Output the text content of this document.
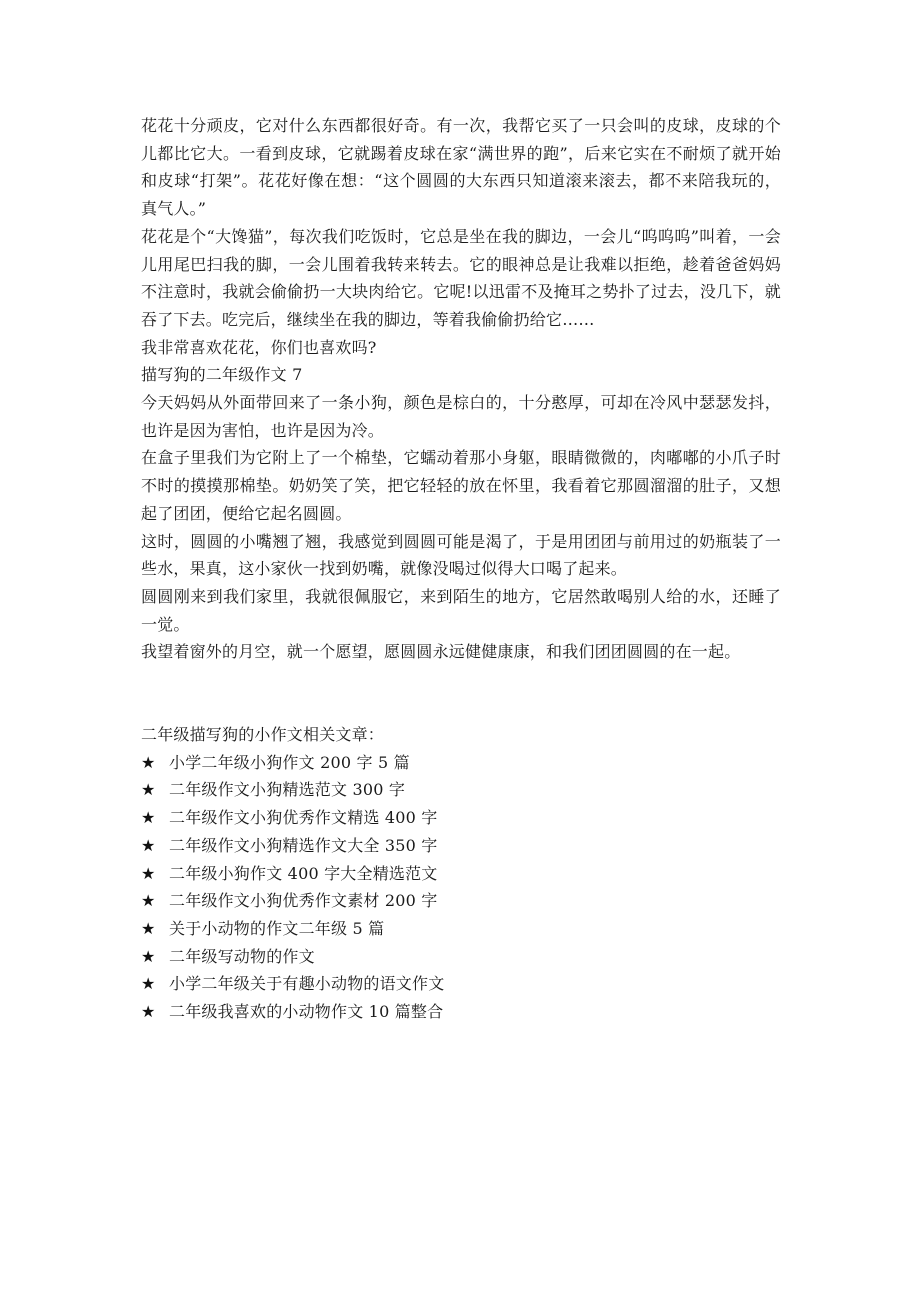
花花十分顽皮，它对什么东西都很好奇。有一次，我帮它买了一只会叫的皮球，皮球的个儿都比它大。一看到皮球，它就踢着皮球在家“满世界的跑”，后来它实在不耐烦了就开始和皮球“打架”。花花好像在想：“这个圆圆的大东西只知道滚来滚去，都不来陪我玩的，真气人。”

花花是个“大馋猫”，每次我们吃饭时，它总是坐在我的脚边，一会儿“呜呜呜”叫着，一会儿用尾巴扫我的脚，一会儿围着我转来转去。它的眼神总是让我难以拒绝，趁着爸爸妈妈不注意时，我就会偷偷扔一大块肉给它。它呢!以迅雷不及掩耳之势扑了过去，没几下，就吞了下去。吃完后，继续坐在我的脚边，等着我偷偷扔给它……

我非常喜欢花花，你们也喜欢吗?

描写狗的二年级作文 7

今天妈妈从外面带回来了一条小狗，颜色是棕白的，十分憨厚，可却在冷风中瑟瑟发抖，也许是因为害怕，也许是因为冷。

在盒子里我们为它附上了一个棉垫，它蠕动着那小身躯，眼睛微微的，肉嘟嘟的小爪子时不时的摸摸那棉垫。奶奶笑了笑，把它轻轻的放在怀里，我看着它那圆溜溜的肚子，又想起了团团，便给它起名圆圆。

这时，圆圆的小嘴翘了翘，我感觉到圆圆可能是渴了，于是用团团与前用过的奶瓶装了一些水，果真，这小家伙一找到奶嘴，就像没喝过似得大口喝了起来。

圆圆刚来到我们家里，我就很佩服它，来到陌生的地方，它居然敢喝别人给的水，还睡了一觉。

我望着窗外的月空，就一个愿望，愿圆圆永远健健康康，和我们团团圆圆的在一起。

二年级描写狗的小作文相关文章：

★ 小学二年级小狗作文 200 字 5 篇
★ 二年级作文小狗精选范文 300 字
★ 二年级作文小狗优秀作文精选 400 字
★ 二年级作文小狗精选作文大全 350 字
★ 二年级小狗作文 400 字大全精选范文
★ 二年级作文小狗优秀作文素材 200 字
★ 关于小动物的作文二年级 5 篇
★ 二年级写动物的作文
★ 小学二年级关于有趣小动物的语文作文
★ 二年级我喜欢的小动物作文 10 篇整合
